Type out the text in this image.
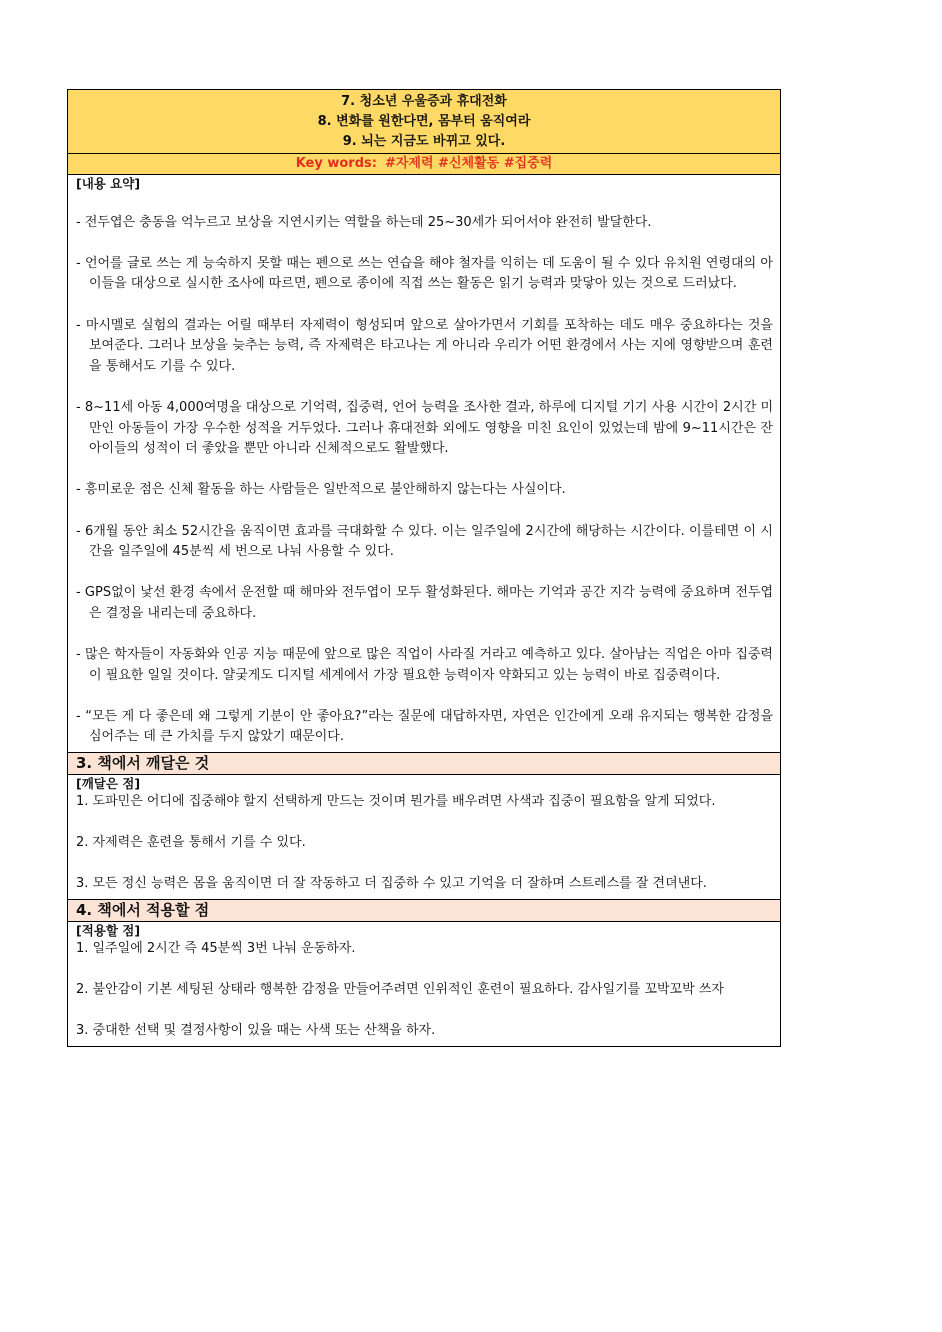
7. 청소년 우울증과 휴대전화
8. 변화를 원한다면, 몸부터 움직여라
9. 뇌는 지금도 바뀌고 있다.
Key words: #자제력 #신체활동 #집중력
[내용 요약]

- 전두엽은 충동을 억누르고 보상을 지연시키는 역할을 하는데 25~30세가 되어서야 완전히 발달한다.

- 언어를 글로 쓰는 게 능숙하지 못할 때는 펜으로 쓰는 연습을 해야 철자를 익히는 데 도움이 될 수 있다 유치원 연령대의 아이들을 대상으로 실시한 조사에 따르면, 펜으로 종이에 직접 쓰는 활동은 읽기 능력과 맞닿아 있는 것으로 드러났다.

- 마시멜로 실험의 결과는 어릴 때부터 자제력이 형성되며 앞으로 살아가면서 기회를 포착하는 데도 매우 중요하다는 것을 보여준다. 그러나 보상을 늦추는 능력, 즉 자제력은 타고나는 게 아니라 우리가 어떤 환경에서 사는 지에 영향받으며 훈련을 통해서도 기를 수 있다.

- 8~11세 아동 4,000여명을 대상으로 기억력, 집중력, 언어 능력을 조사한 결과, 하루에 디지털 기기 사용 시간이 2시간 미만인 아동들이 가장 우수한 성적을 거두었다. 그러나 휴대전화 외에도 영향을 미친 요인이 있었는데 밤에 9~11시간은 잔 아이들의 성적이 더 좋았을 뿐만 아니라 신체적으로도 활발했다.

- 흥미로운 점은 신체 활동을 하는 사람들은 일반적으로 불안해하지 않는다는 사실이다.

- 6개월 동안 최소 52시간을 움직이면 효과를 극대화할 수 있다. 이는 일주일에 2시간에 해당하는 시간이다. 이를테면 이 시간을 일주일에 45분씩 세 번으로 나눠 사용할 수 있다.

- GPS없이 낯선 환경 속에서 운전할 때 해마와 전두엽이 모두 활성화된다. 해마는 기억과 공간 지각 능력에 중요하며 전두엽은 결정을 내리는데 중요하다.

- 많은 학자들이 자동화와 인공 지능 때문에 앞으로 많은 직업이 사라질 거라고 예측하고 있다. 살아남는 직업은 아마 집중력이 필요한 일일 것이다. 얄궂게도 디지털 세계에서 가장 필요한 능력이자 약화되고 있는 능력이 바로 집중력이다.

- “모든 게 다 좋은데 왜 그렇게 기분이 안 좋아요?”라는 질문에 대답하자면, 자연은 인간에게 오래 유지되는 행복한 감정을 심어주는 데 큰 가치를 두지 않았기 때문이다.

3. 책에서 깨달은 것
[깨달은 점]

1. 도파민은 어디에 집중해야 할지 선택하게 만드는 것이며 뭔가를 배우려면 사색과 집중이 필요함을 알게 되었다.

2. 자제력은 훈련을 통해서 기를 수 있다.

3. 모든 정신 능력은 몸을 움직이면 더 잘 작동하고 더 집중하 수 있고 기억을 더 잘하며 스트레스를 잘 견뎌낸다.

4. 책에서 적용할 점
[적용할 점]

1. 일주일에 2시간 즉 45분씩 3번 나눠 운동하자.

2. 불안감이 기본 세팅된 상태라 행복한 감정을 만들어주려면 인위적인 훈련이 필요하다. 감사일기를 꼬박꼬박 쓰자

3. 중대한 선택 및 결정사항이 있을 때는 사색 또는 산책을 하자.
